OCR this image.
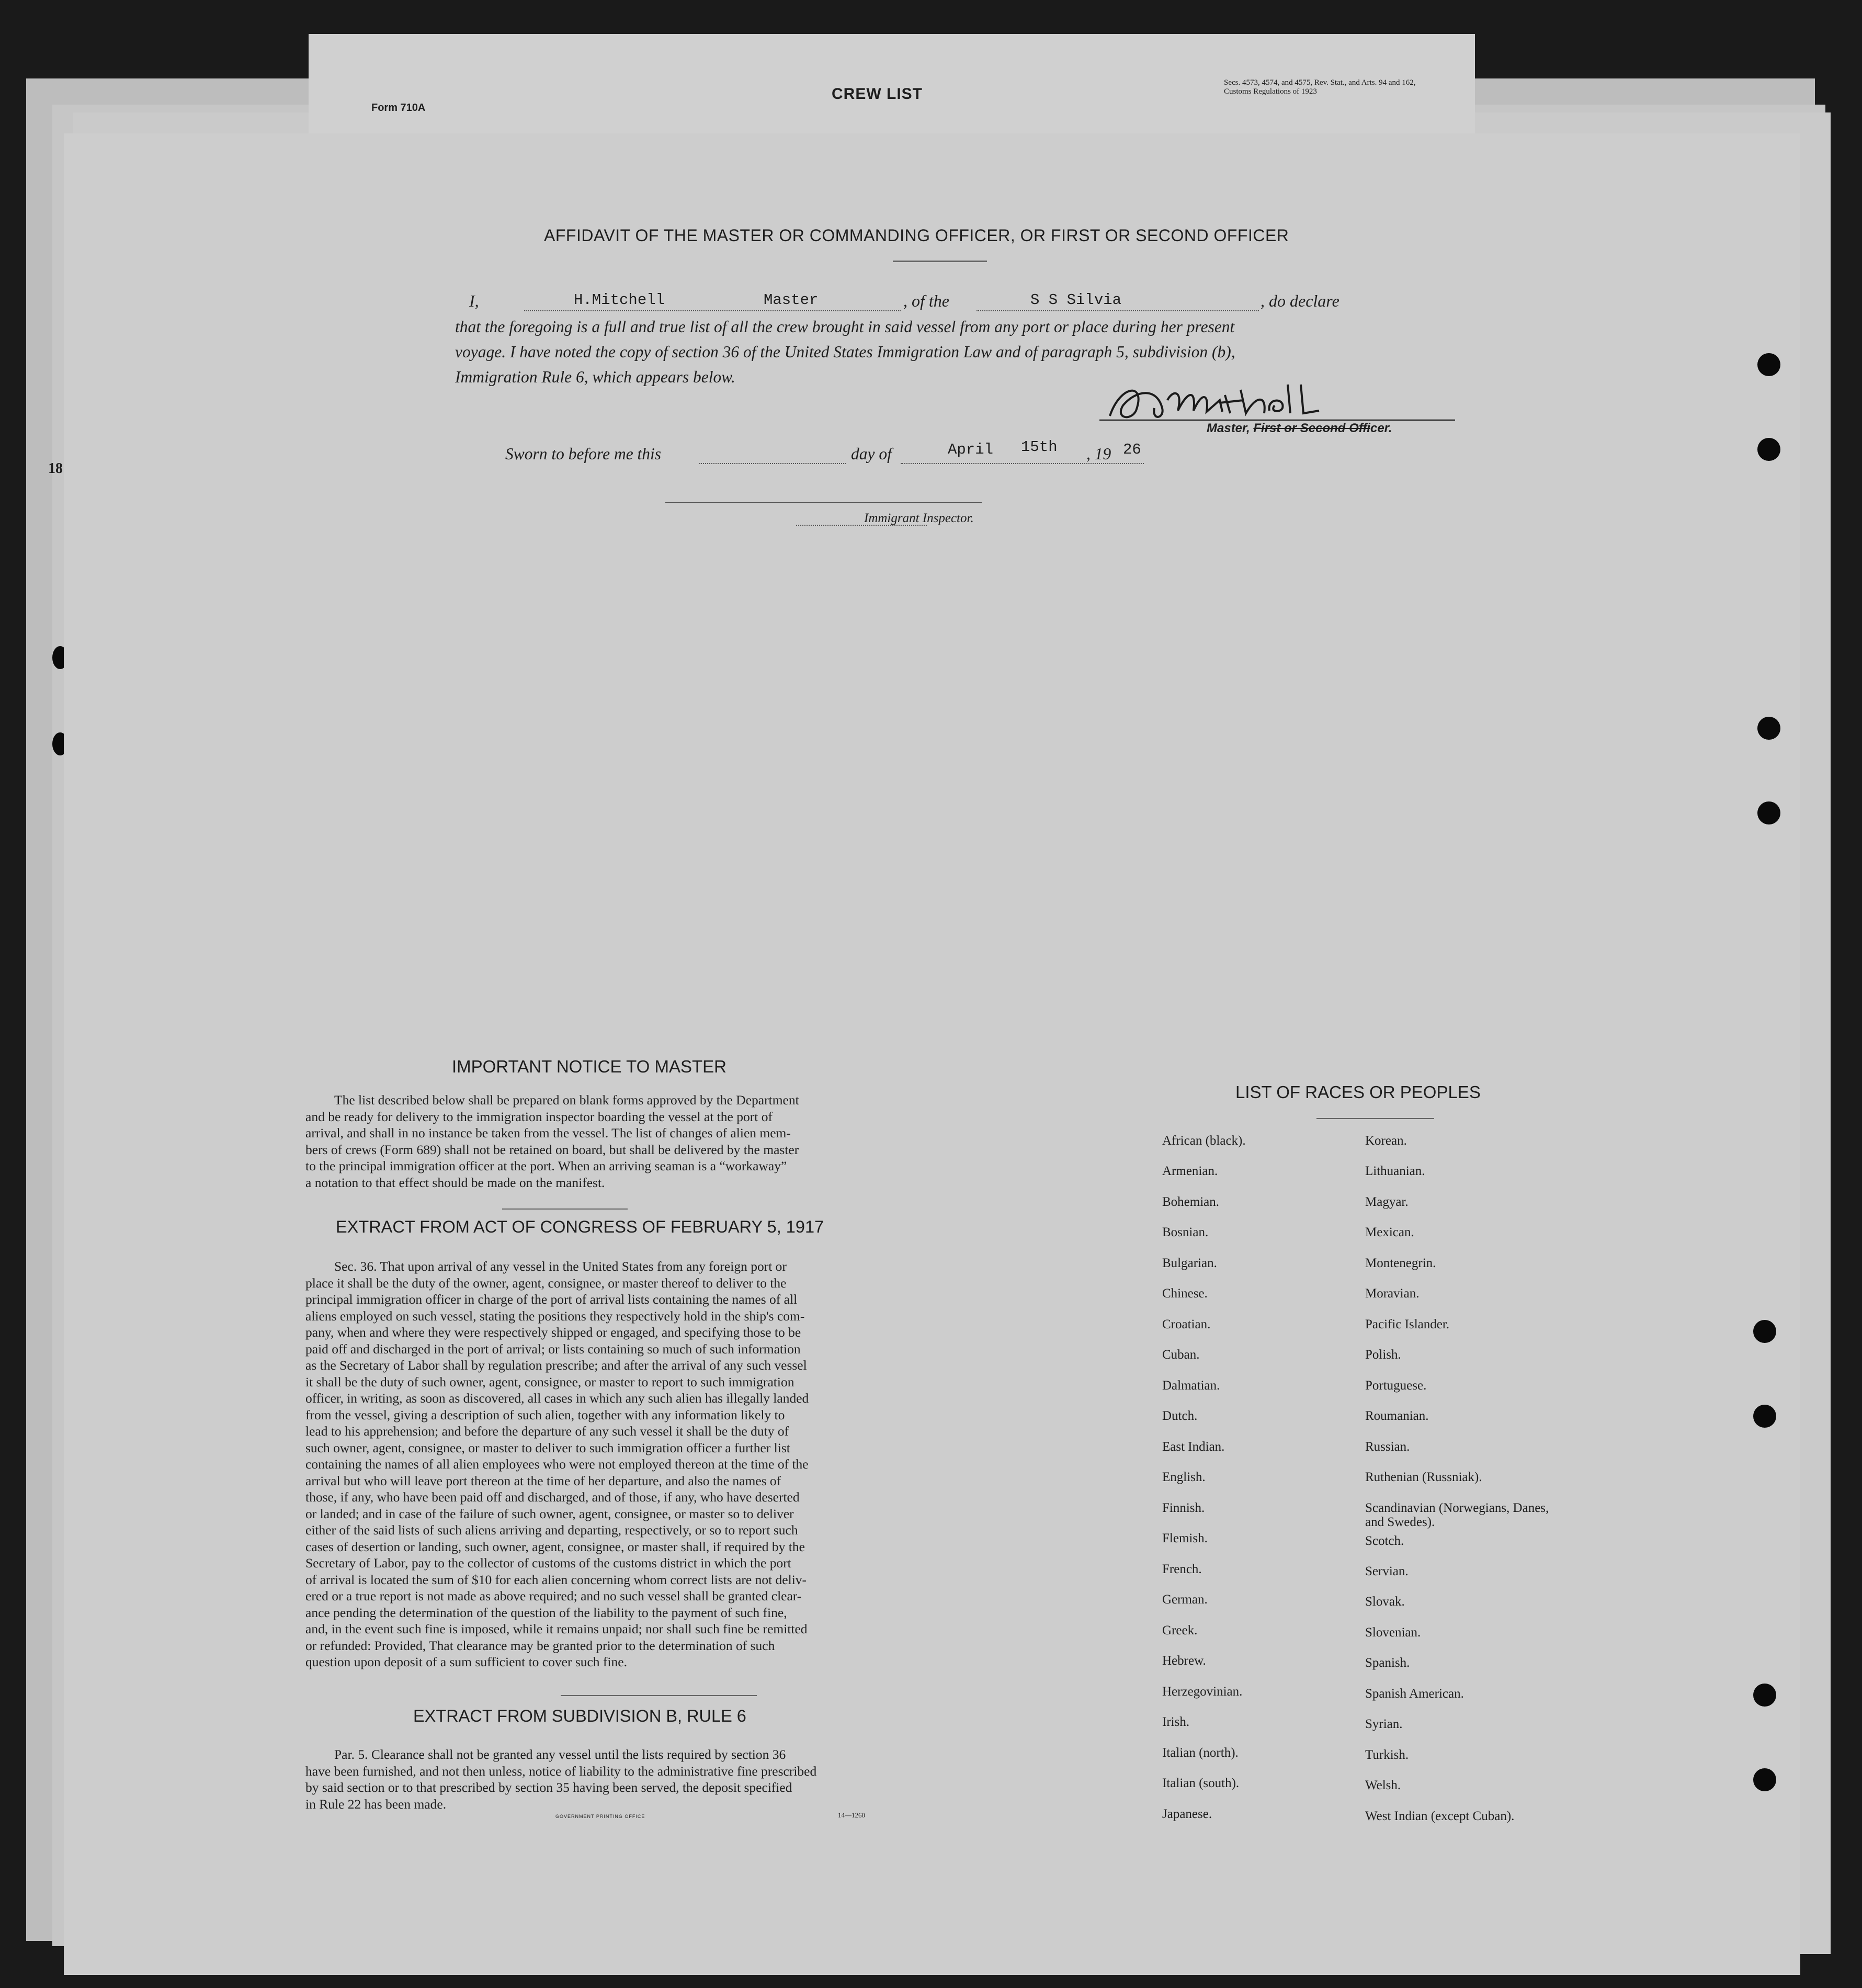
18
Form 710A
CREW LIST
Secs. 4573, 4574, and 4575, Rev. Stat., and Arts. 94 and 162, Customs Regulations of 1923
AFFIDAVIT OF THE MASTER OR COMMANDING OFFICER, OR FIRST OR SECOND OFFICER
I,	H.Mitchell	Master	, of the	S S Silvia	, do declare
that the foregoing is a full and true list of all the crew brought in said vessel from any port or place during her present
voyage. I have noted the copy of section 36 of the United States Immigration Law and of paragraph 5, subdivision (b),
Immigration Rule 6, which appears below.
Master, First or Second Officer.
Sworn to before me this	day of	April 15th , 19 26
Immigrant Inspector.
IMPORTANT NOTICE TO MASTER
The list described below shall be prepared on blank forms approved by the Department
and be ready for delivery to the immigration inspector boarding the vessel at the port of
arrival, and shall in no instance be taken from the vessel. The list of changes of alien mem-
bers of crews (Form 689) shall not be retained on board, but shall be delivered by the master
to the principal immigration officer at the port. When an arriving seaman is a “workaway”
a notation to that effect should be made on the manifest.
EXTRACT FROM ACT OF CONGRESS OF FEBRUARY 5, 1917
Sec. 36. That upon arrival of any vessel in the United States from any foreign port or
place it shall be the duty of the owner, agent, consignee, or master thereof to deliver to the
principal immigration officer in charge of the port of arrival lists containing the names of all
aliens employed on such vessel, stating the positions they respectively hold in the ship's com-
pany, when and where they were respectively shipped or engaged, and specifying those to be
paid off and discharged in the port of arrival; or lists containing so much of such information
as the Secretary of Labor shall by regulation prescribe; and after the arrival of any such vessel
it shall be the duty of such owner, agent, consignee, or master to report to such immigration
officer, in writing, as soon as discovered, all cases in which any such alien has illegally landed
from the vessel, giving a description of such alien, together with any information likely to
lead to his apprehension; and before the departure of any such vessel it shall be the duty of
such owner, agent, consignee, or master to deliver to such immigration officer a further list
containing the names of all alien employees who were not employed thereon at the time of the
arrival but who will leave port thereon at the time of her departure, and also the names of
those, if any, who have been paid off and discharged, and of those, if any, who have deserted
or landed; and in case of the failure of such owner, agent, consignee, or master so to deliver
either of the said lists of such aliens arriving and departing, respectively, or so to report such
cases of desertion or landing, such owner, agent, consignee, or master shall, if required by the
Secretary of Labor, pay to the collector of customs of the customs district in which the port
of arrival is located the sum of $10 for each alien concerning whom correct lists are not deliv-
ered or a true report is not made as above required; and no such vessel shall be granted clear-
ance pending the determination of the question of the liability to the payment of such fine,
and, in the event such fine is imposed, while it remains unpaid; nor shall such fine be remitted
or refunded: Provided, That clearance may be granted prior to the determination of such
question upon deposit of a sum sufficient to cover such fine.
EXTRACT FROM SUBDIVISION B, RULE 6
Par. 5. Clearance shall not be granted any vessel until the lists required by section 36
have been furnished, and not then unless, notice of liability to the administrative fine prescribed
by said section or to that prescribed by section 35 having been served, the deposit specified
in Rule 22 has been made.
GOVERNMENT PRINTING OFFICE	14—1260
LIST OF RACES OR PEOPLES
African (black).
Armenian.
Bohemian.
Bosnian.
Bulgarian.
Chinese.
Croatian.
Cuban.
Dalmatian.
Dutch.
East Indian.
English.
Finnish.
Flemish.
French.
German.
Greek.
Hebrew.
Herzegovinian.
Irish.
Italian (north).
Italian (south).
Japanese.
Korean.
Lithuanian.
Magyar.
Mexican.
Montenegrin.
Moravian.
Pacific Islander.
Polish.
Portuguese.
Roumanian.
Russian.
Ruthenian (Russniak).
Scandinavian (Norwegians, Danes, and Swedes).
Scotch.
Servian.
Slovak.
Slovenian.
Spanish.
Spanish American.
Syrian.
Turkish.
Welsh.
West Indian (except Cuban).
